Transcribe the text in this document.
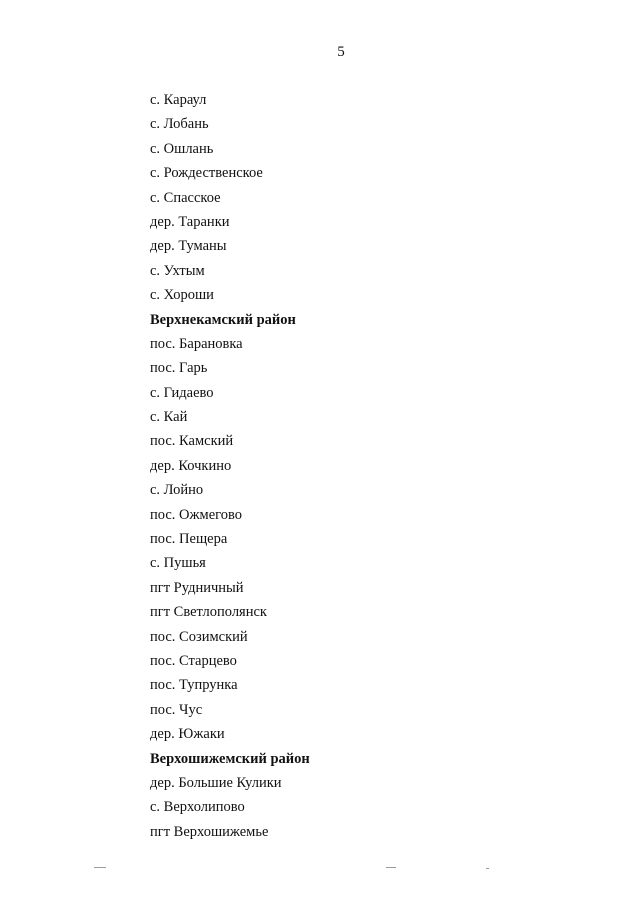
5
с. Караул
с. Лобань
с. Ошлань
с. Рождественское
с. Спасское
дер. Таранки
дер. Туманы
с. Ухтым
с. Хороши
Верхнекамский район
пос. Барановка
пос. Гарь
с. Гидаево
с. Кай
пос. Камский
дер. Кочкино
с. Лойно
пос. Ожмегово
пос. Пещера
с. Пушья
пгт Рудничный
пгт Светлополянск
пос. Созимский
пос. Старцево
пос. Тупрунка
пос. Чус
дер. Южаки
Верхошижемский район
дер. Большие Кулики
с. Верхолипово
пгт Верхошижемье
